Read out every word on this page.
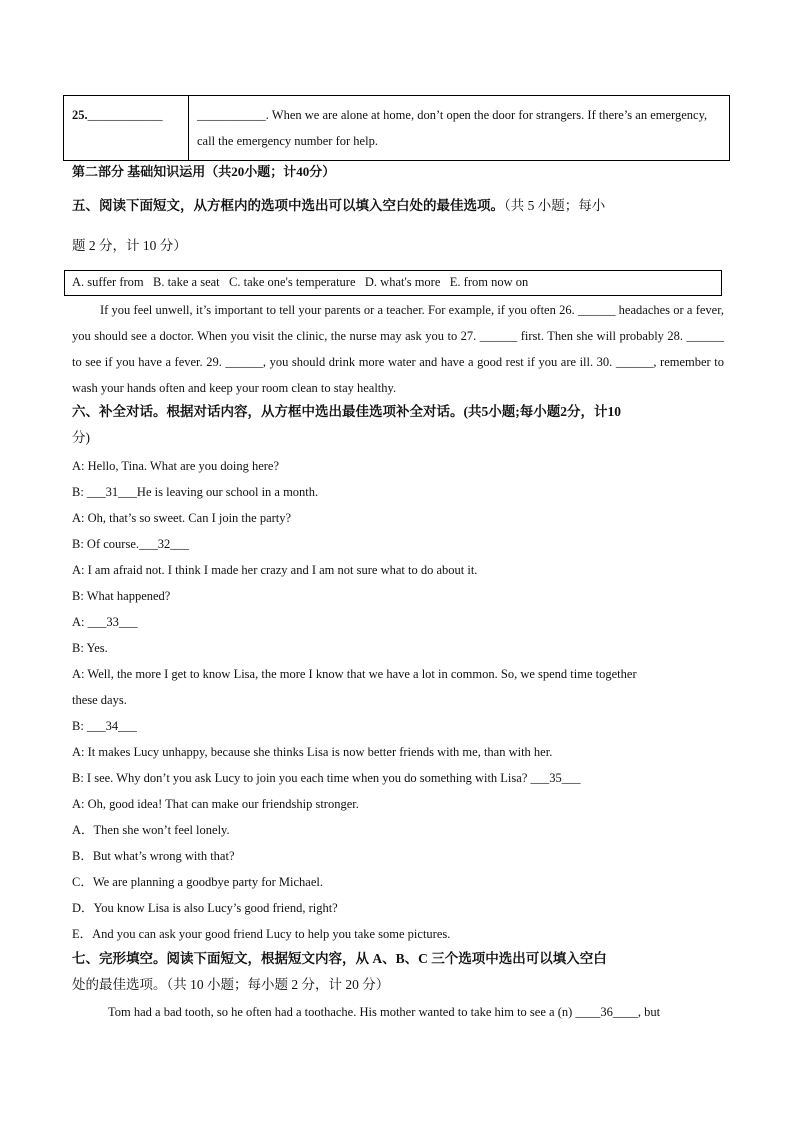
25.____________	___________. When we are alone at home, don’t open the door for strangers. If there’s an emergency, call the emergency number for help.
第二部分 基础知识运用（共20小题；计40分）
五、阅读下面短文，从方框内的选项中选出可以填入空白处的最佳选项。（共 5 小题；每小
题 2 分，计 10 分）
A. suffer from   B. take a seat   C. take one's temperature   D. what's more   E. from now on
If you feel unwell, it’s important to tell your parents or a teacher. For example, if you often 26. ______ headaches or a fever, you should see a doctor. When you visit the clinic, the nurse may ask you to 27. ______ first. Then she will probably 28. ______ to see if you have a fever. 29. ______, you should drink more water and have a good rest if you are ill. 30. ______, remember to wash your hands often and keep your room clean to stay healthy.
六、补全对话。根据对话内容，从方框中选出最佳选项补全对话。(共5小题;每小题2分，计10
分)
A: Hello, Tina. What are you doing here?
B: ___31___He is leaving our school in a month.
A: Oh, that’s so sweet. Can I join the party?
B: Of course.___32___
A: I am afraid not. I think I made her crazy and I am not sure what to do about it.
B: What happened?
A: ___33___
B: Yes.
A: Well, the more I get to know Lisa, the more I know that we have a lot in common. So, we spend time together
these days.
B: ___34___
A: It makes Lucy unhappy, because she thinks Lisa is now better friends with me, than with her.
B: I see. Why don’t you ask Lucy to join you each time when you do something with Lisa? ___35___
A: Oh, good idea! That can make our friendship stronger.
A．Then she won’t feel lonely.
B．But what’s wrong with that?
C．We are planning a goodbye party for Michael.
D．You know Lisa is also Lucy’s good friend, right?
E．And you can ask your good friend Lucy to help you take some pictures.
七、完形填空。阅读下面短文，根据短文内容，从 A、B、C 三个选项中选出可以填入空白
处的最佳选项。（共 10 小题；每小题 2 分，计 20 分）
Tom had a bad tooth, so he often had a toothache. His mother wanted to take him to see a (n) ____36____, but
